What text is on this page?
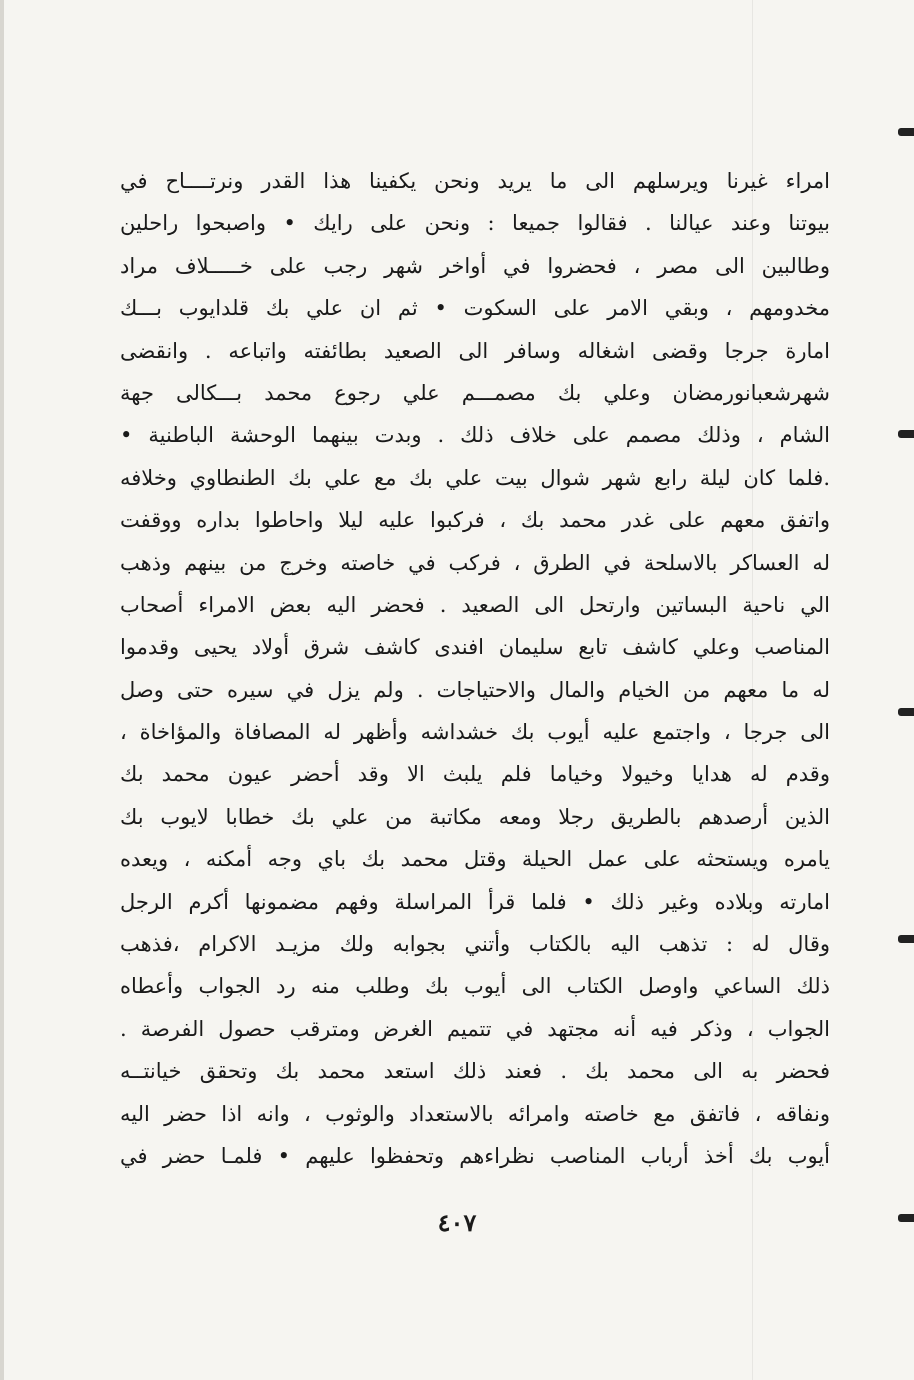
امراء غيرنا ويرسلهم الى ما يريد ونحن يكفينا هذا القدر ونرتــــاح في
بيوتنا وعند عيالنا . فقالوا جميعا : ونحن على رايك • واصبحوا راحلين
وطالبين الى مصر ، فحضروا في أواخر شهر رجب على خـــــلاف مراد
مخدومهم ، وبقي الامر على السكوت • ثم ان علي بك قلدايوب بـــك
امارة جرجا وقضى اشغاله وسافر الى الصعيد بطائفته واتباعه . وانقضى
شهرشعبانورمضان وعلي بك مصمـــم علي رجوع محمد بـــكالى جهة
الشام ، وذلك مصمم على خلاف ذلك . وبدت بينهما الوحشة الباطنية •
.فلما كان ليلة رابع شهر شوال بيت علي بك مع علي بك الطنطاوي وخلافه
واتفق معهم على غدر محمد بك ، فركبوا عليه ليلا واحاطوا بداره ووقفت
له العساكر بالاسلحة في الطرق ، فركب في خاصته وخرج من بينهم وذهب
الي ناحية البساتين وارتحل الى الصعيد . فحضر اليه بعض الامراء أصحاب
المناصب وعلي كاشف تابع سليمان افندى كاشف شرق أولاد يحيى وقدموا
له ما معهم من الخيام والمال والاحتياجات . ولم يزل في سيره حتى وصل
الى جرجا ، واجتمع عليه أيوب بك خشداشه وأظهر له المصافاة والمؤاخاة ،
وقدم له هدايا وخيولا وخياما فلم يلبث الا وقد أحضر عيون محمد بك
الذين أرصدهم بالطريق رجلا ومعه مكاتبة من علي بك خطابا لايوب بك
يامره ويستحثه على عمل الحيلة وقتل محمد بك باي وجه أمكنه ، ويعده
امارته وبلاده وغير ذلك • فلما قرأ المراسلة وفهم مضمونها أكرم الرجل
وقال له : تذهب اليه بالكتاب وأتني بجوابه ولك مزيـد الاكرام ،فذهب
ذلك الساعي واوصل الكتاب الى أيوب بك وطلب منه رد الجواب وأعطاه
الجواب ، وذكر فيه أنه مجتهد في تتميم الغرض ومترقب حصول الفرصة .
فحضر به الى محمد بك . فعند ذلك استعد محمد بك وتحقق خيانتــه
ونفاقه ، فاتفق مع خاصته وامرائه بالاستعداد والوثوب ، وانه اذا حضر اليه
أيوب بك أخذ أرباب المناصب نظراءهم وتحفظوا عليهم • فلمـا حضر في
٤٠٧
